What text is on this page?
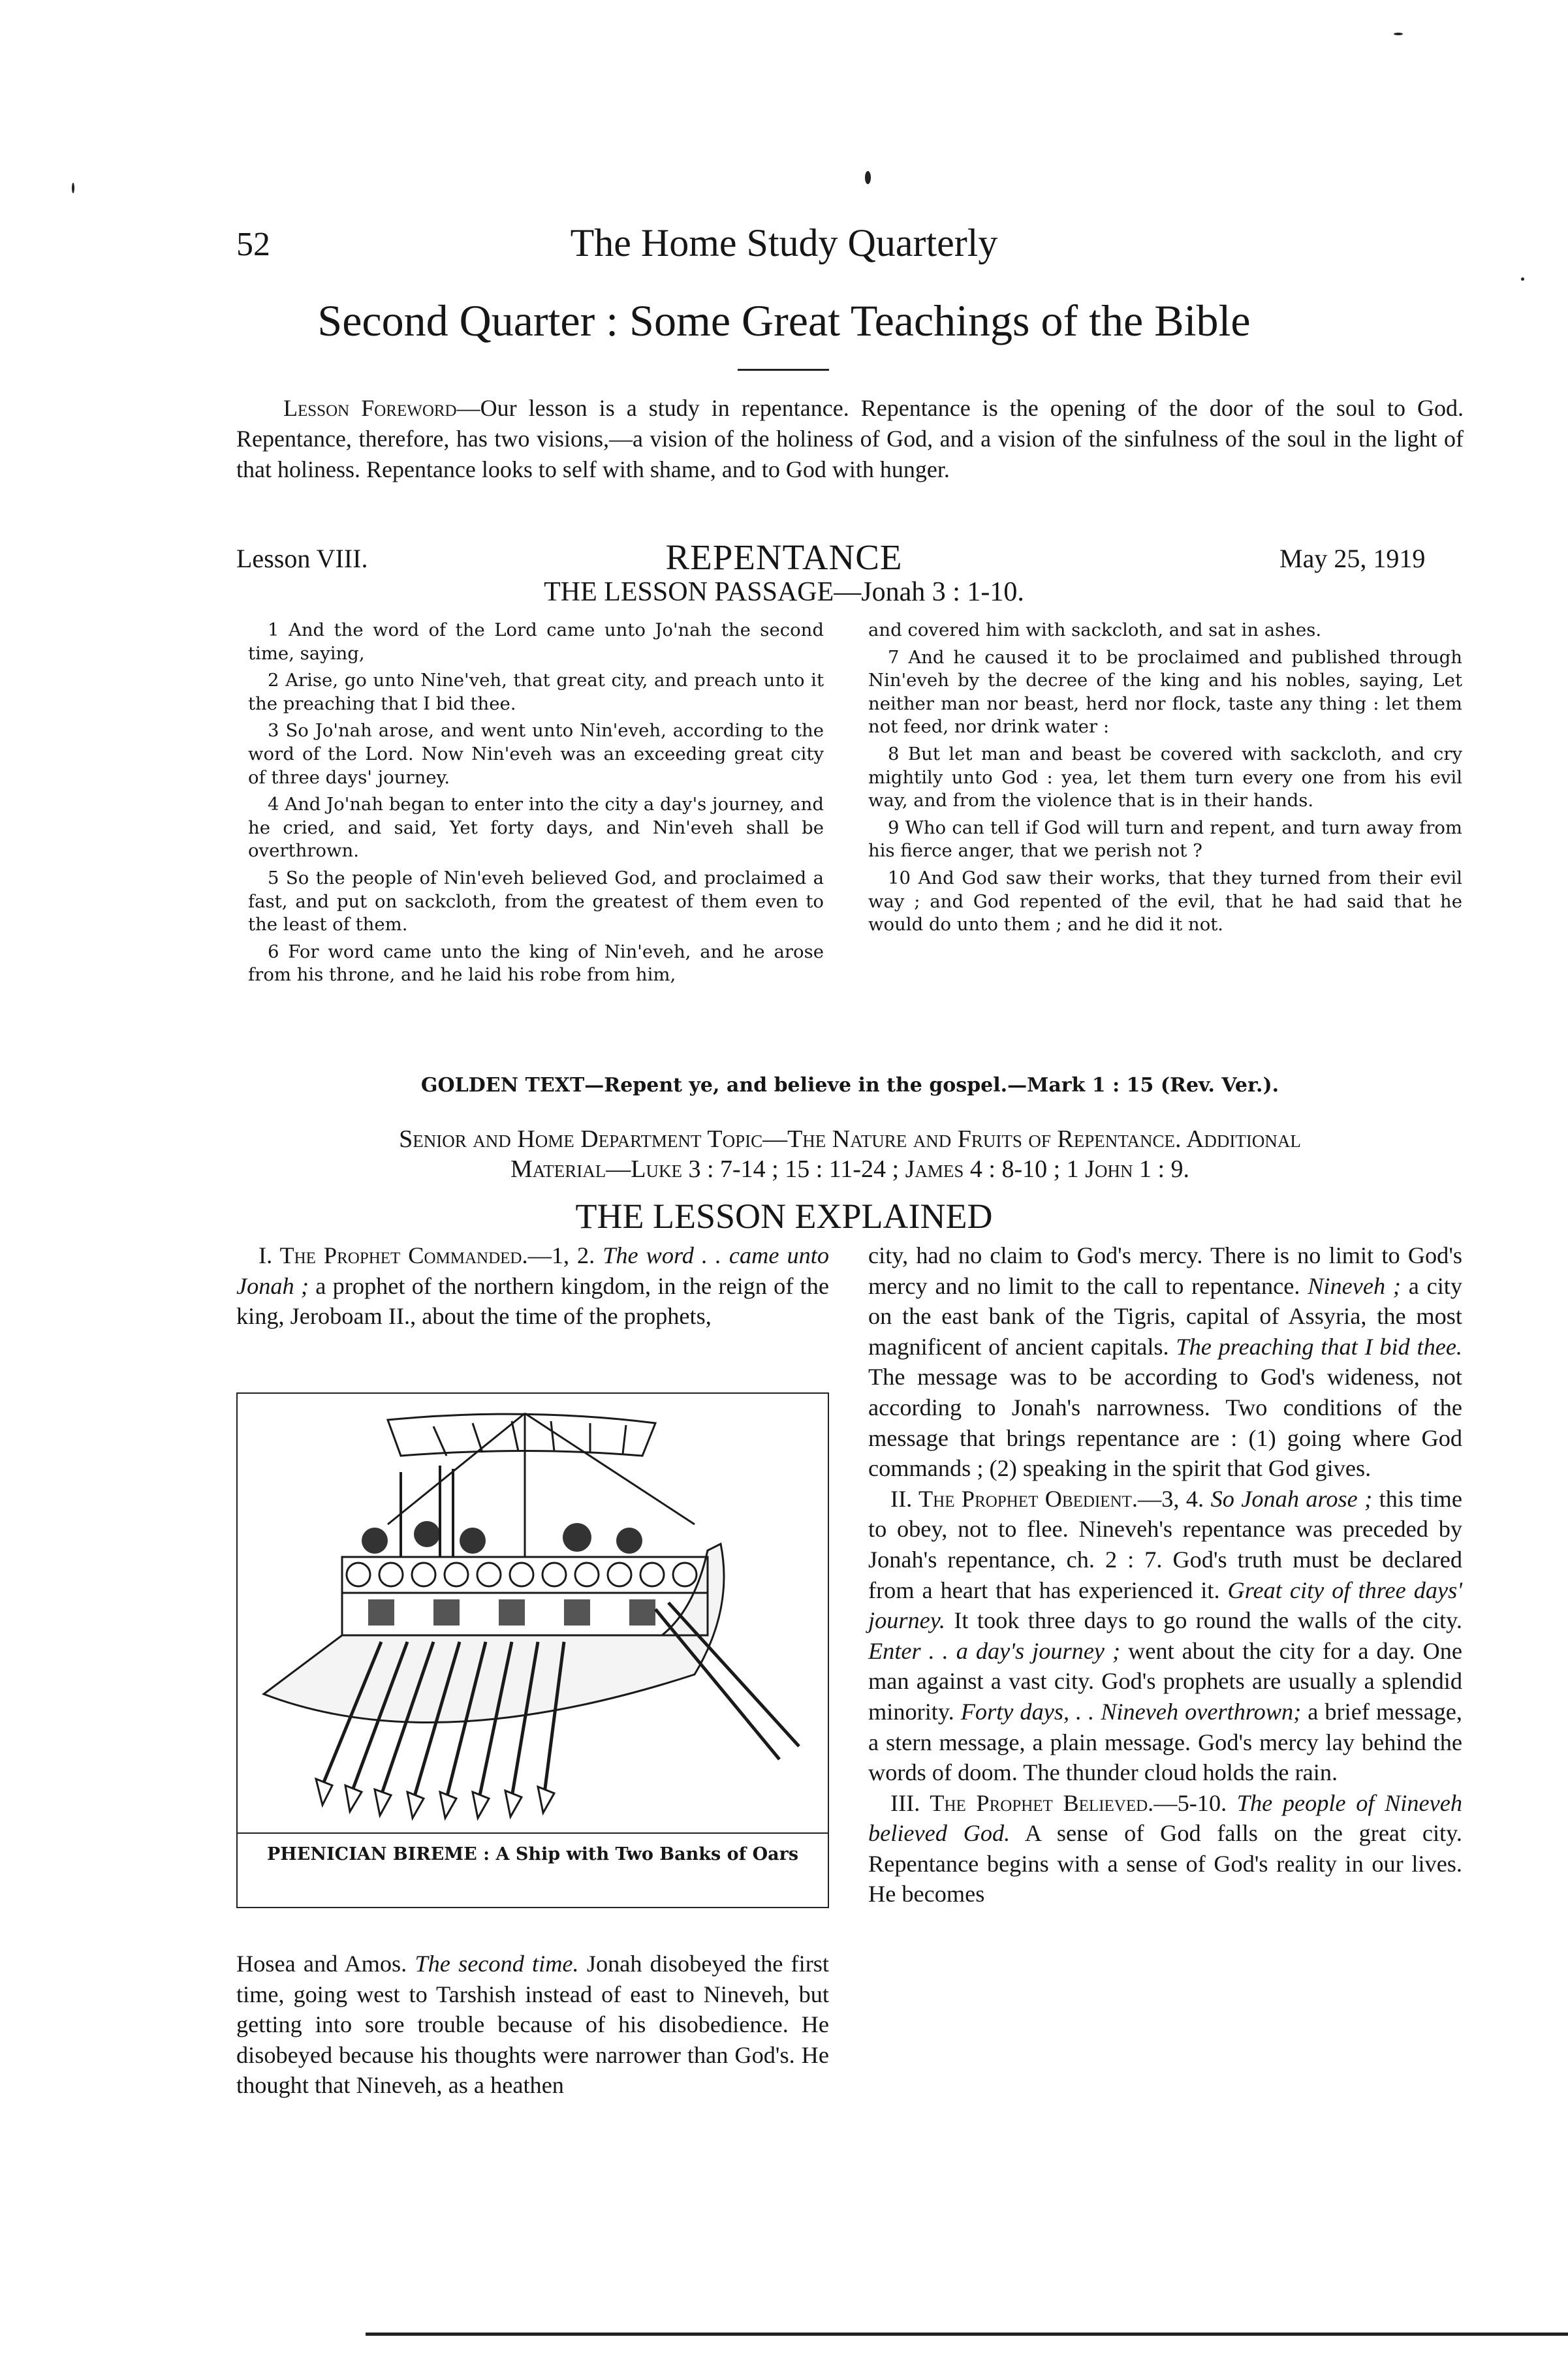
52	The Home Study Quarterly
Second Quarter : Some Great Teachings of the Bible
Lesson Foreword—Our lesson is a study in repentance. Repentance is the opening of the door of the soul to God. Repentance, therefore, has two visions,—a vision of the holiness of God, and a vision of the sinfulness of the soul in the light of that holiness. Repentance looks to self with shame, and to God with hunger.
Lesson VIII.	REPENTANCE	May 25, 1919
THE LESSON PASSAGE—Jonah 3 : 1-10.

1 And the word of the Lord came unto Jo'nah the second time, saying,

2 Arise, go unto Nine'veh, that great city, and preach unto it the preaching that I bid thee.

3 So Jo'nah arose, and went unto Nin'eveh, according to the word of the Lord. Now Nin'eveh was an exceeding great city of three days' journey.

4 And Jo'nah began to enter into the city a day's journey, and he cried, and said, Yet forty days, and Nin'eveh shall be overthrown.

5 So the people of Nin'eveh believed God, and proclaimed a fast, and put on sackcloth, from the greatest of them even to the least of them.

6 For word came unto the king of Nin'eveh, and he arose from his throne, and he laid his robe from him,

and covered him with sackcloth, and sat in ashes.

7 And he caused it to be proclaimed and published through Nin'eveh by the decree of the king and his nobles, saying, Let neither man nor beast, herd nor flock, taste any thing : let them not feed, nor drink water :

8 But let man and beast be covered with sackcloth, and cry mightily unto God : yea, let them turn every one from his evil way, and from the violence that is in their hands.

9 Who can tell if God will turn and repent, and turn away from his fierce anger, that we perish not ?

10 And God saw their works, that they turned from their evil way ; and God repented of the evil, that he had said that he would do unto them ; and he did it not.

GOLDEN TEXT—Repent ye, and believe in the gospel.—Mark 1 : 15 (Rev. Ver.).
Senior and Home Department Topic—The Nature and Fruits of Repentance. Additional
Material—Luke 3 : 7-14 ; 15 : 11-24 ; James 4 : 8-10 ; 1 John 1 : 9.
THE LESSON EXPLAINED

I. The Prophet Commanded.—1, 2. The word . . came unto Jonah ; a prophet of the northern kingdom, in the reign of the king, Jeroboam II., about the time of the prophets,

PHENICIAN BIREME : A Ship with Two Banks of Oars

Hosea and Amos. The second time. Jonah disobeyed the first time, going west to Tarshish instead of east to Nineveh, but getting into sore trouble because of his disobedience. He disobeyed because his thoughts were narrower than God's. He thought that Nineveh, as a heathen

city, had no claim to God's mercy. There is no limit to God's mercy and no limit to the call to repentance. Nineveh ; a city on the east bank of the Tigris, capital of Assyria, the most magnificent of ancient capitals. The preaching that I bid thee. The message was to be according to God's wideness, not according to Jonah's narrowness. Two conditions of the message that brings repentance are : (1) going where God commands ; (2) speaking in the spirit that God gives.

II. The Prophet Obedient.—3, 4. So Jonah arose ; this time to obey, not to flee. Nineveh's repentance was preceded by Jonah's repentance, ch. 2 : 7. God's truth must be declared from a heart that has experienced it. Great city of three days' journey. It took three days to go round the walls of the city. Enter . . a day's journey ; went about the city for a day. One man against a vast city. God's prophets are usually a splendid minority. Forty days, . . Nineveh overthrown; a brief message, a stern message, a plain message. God's mercy lay behind the words of doom. The thunder cloud holds the rain.

III. The Prophet Believed.—5-10. The people of Nineveh believed God. A sense of God falls on the great city. Repentance begins with a sense of God's reality in our lives. He becomes
